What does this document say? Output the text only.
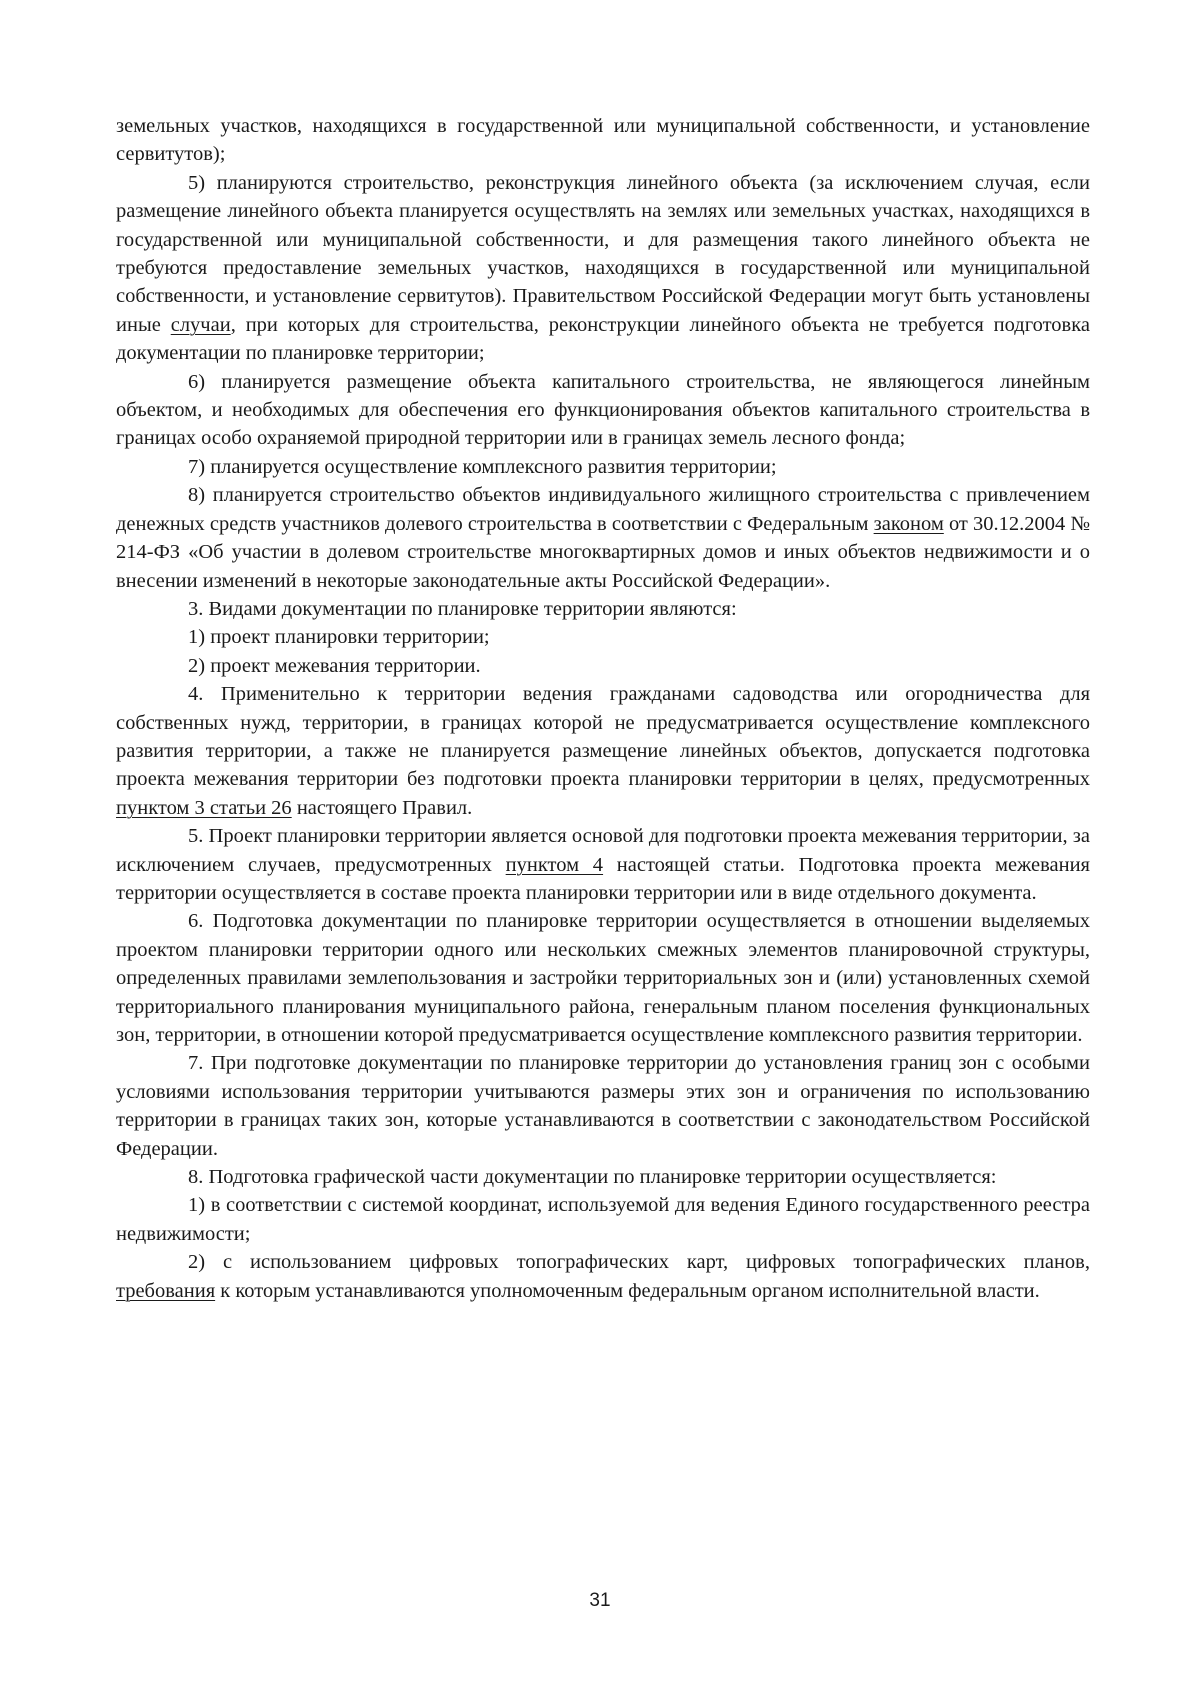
земельных участков, находящихся в государственной или муниципальной собственности, и установление сервитутов);

5) планируются строительство, реконструкция линейного объекта (за исключением случая, если размещение линейного объекта планируется осуществлять на землях или земельных участках, находящихся в государственной или муниципальной собственности, и для размещения такого линейного объекта не требуются предоставление земельных участков, находящихся в государственной или муниципальной собственности, и установление сервитутов). Правительством Российской Федерации могут быть установлены иные случаи, при которых для строительства, реконструкции линейного объекта не требуется подготовка документации по планировке территории;

6) планируется размещение объекта капитального строительства, не являющегося линейным объектом, и необходимых для обеспечения его функционирования объектов капитального строительства в границах особо охраняемой природной территории или в границах земель лесного фонда;

7) планируется осуществление комплексного развития территории;

8) планируется строительство объектов индивидуального жилищного строительства с привлечением денежных средств участников долевого строительства в соответствии с Федеральным законом от 30.12.2004 № 214-ФЗ «Об участии в долевом строительстве многоквартирных домов и иных объектов недвижимости и о внесении изменений в некоторые законодательные акты Российской Федерации».

3. Видами документации по планировке территории являются:

1) проект планировки территории;

2) проект межевания территории.

4. Применительно к территории ведения гражданами садоводства или огородничества для собственных нужд, территории, в границах которой не предусматривается осуществление комплексного развития территории, а также не планируется размещение линейных объектов, допускается подготовка проекта межевания территории без подготовки проекта планировки территории в целях, предусмотренных пунктом 3 статьи 26 настоящего Правил.

5. Проект планировки территории является основой для подготовки проекта межевания территории, за исключением случаев, предусмотренных пунктом 4 настоящей статьи. Подготовка проекта межевания территории осуществляется в составе проекта планировки территории или в виде отдельного документа.

6. Подготовка документации по планировке территории осуществляется в отношении выделяемых проектом планировки территории одного или нескольких смежных элементов планировочной структуры, определенных правилами землепользования и застройки территориальных зон и (или) установленных схемой территориального планирования муниципального района, генеральным планом поселения функциональных зон, территории, в отношении которой предусматривается осуществление комплексного развития территории.

7. При подготовке документации по планировке территории до установления границ зон с особыми условиями использования территории учитываются размеры этих зон и ограничения по использованию территории в границах таких зон, которые устанавливаются в соответствии с законодательством Российской Федерации.

8. Подготовка графической части документации по планировке территории осуществляется:

1) в соответствии с системой координат, используемой для ведения Единого государственного реестра недвижимости;

2) с использованием цифровых топографических карт, цифровых топографических планов, требования к которым устанавливаются уполномоченным федеральным органом исполнительной власти.

31
